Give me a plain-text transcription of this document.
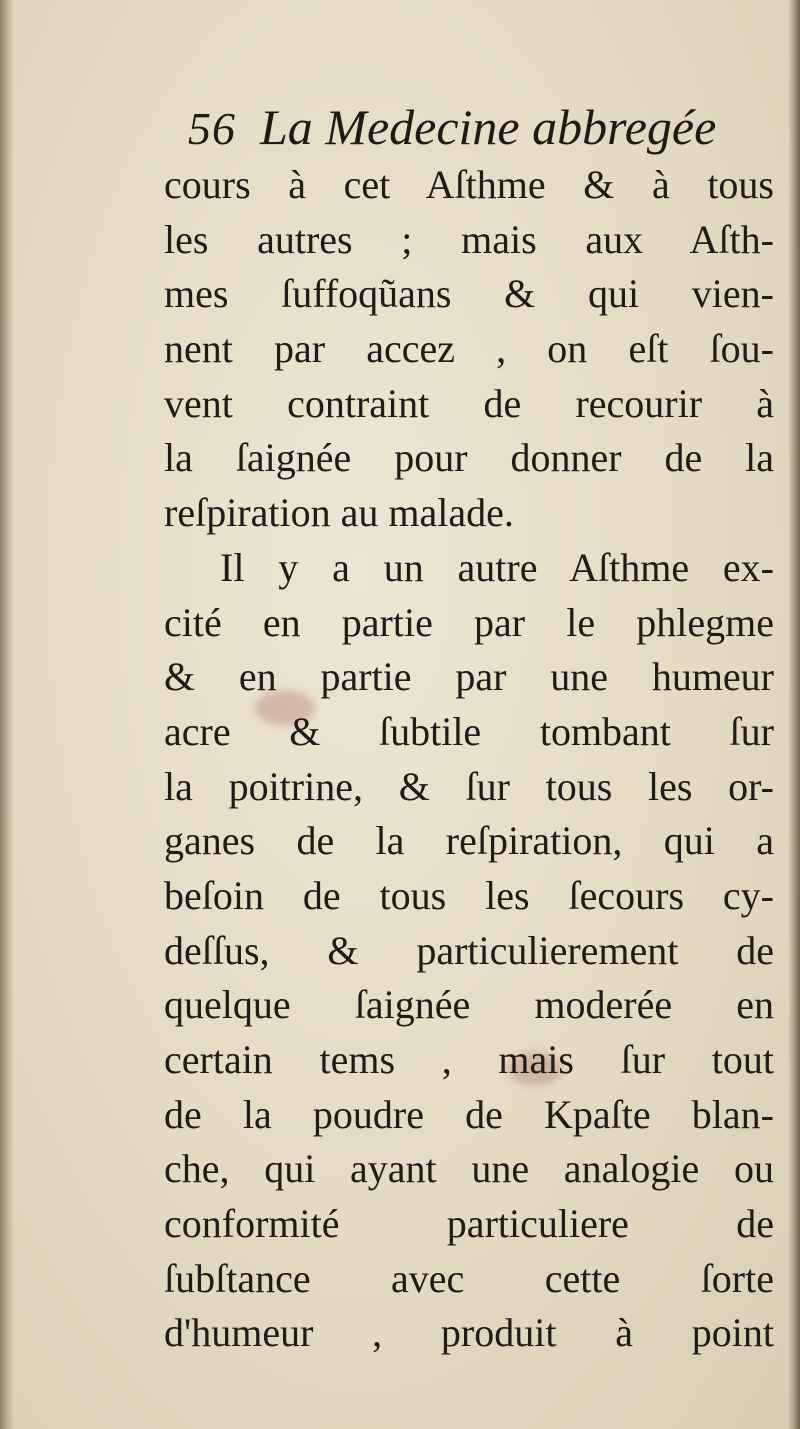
56 La Medecine abbregée
cours à cet Aſthme & à tous
les autres ; mais aux Aſth-
mes ſuffoqũans & qui vien-
nent par accez , on eſt ſou-
vent contraint de recourir à
la ſaignée pour donner de la
reſpiration au malade.
Il y a un autre Aſthme ex-
cité en partie par le phlegme
& en partie par une humeur
acre & ſubtile tombant ſur
la poitrine, & ſur tous les or-
ganes de la reſpiration, qui a
beſoin de tous les ſecours cy-
deſſus, & particulierement de
quelque ſaignée moderée en
certain tems , mais ſur tout
de la poudre de Kpaſte blan-
che, qui ayant une analogie ou
conformité particuliere de
ſubſtance avec cette ſorte
d'humeur , produit à point
